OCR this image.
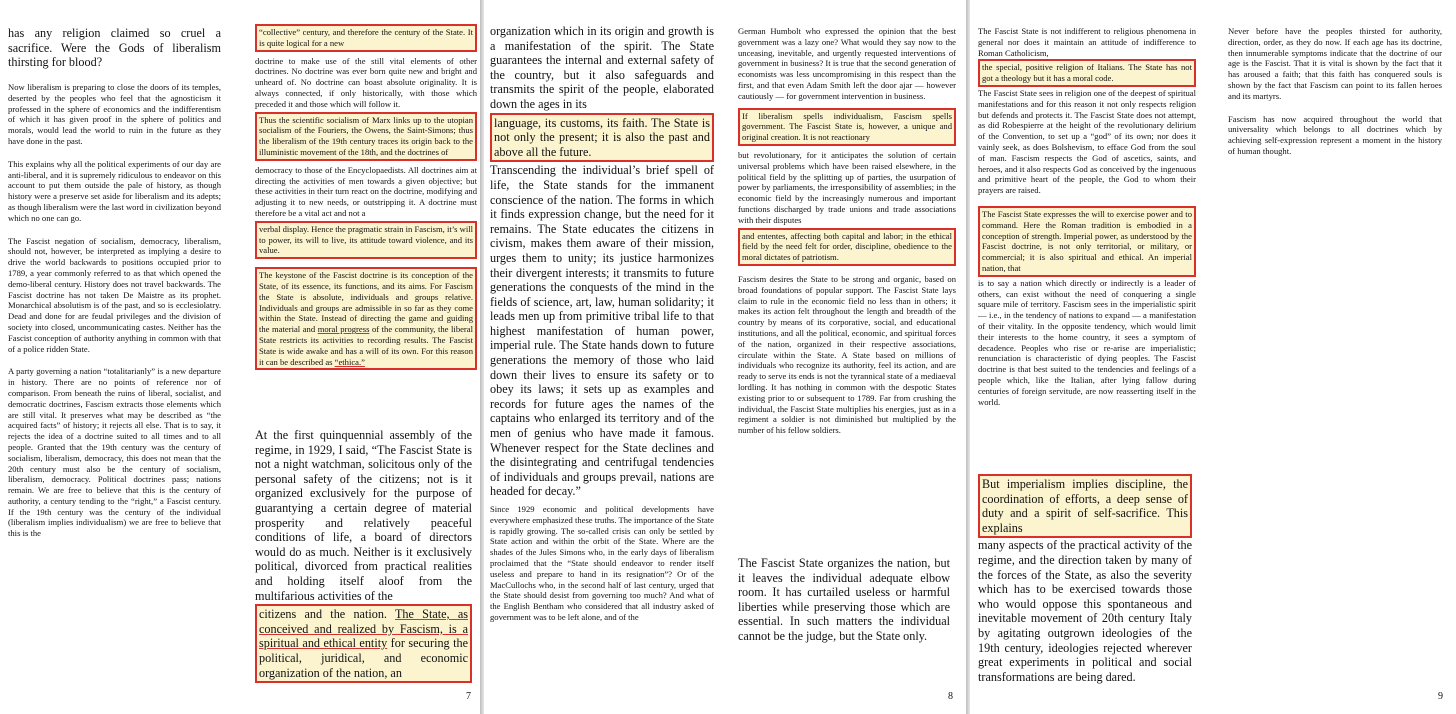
has any religion claimed so cruel a sacrifice. Were the Gods of liberalism thirsting for blood?

Now liberalism is preparing to close the doors of its temples, deserted by the peoples who feel that the agnosticism it professed in the sphere of economics and the indifferentism of which it has given proof in the sphere of politics and morals, would lead the world to ruin in the future as they have done in the past.

This explains why all the political experiments of our day are anti-liberal, and it is supremely ridiculous to endeavor on this account to put them outside the pale of history, as though history were a preserve set aside for liberalism and its adepts; as though liberalism were the last word in civilization beyond which no one can go.

The Fascist negation of socialism, democracy, liberalism, should not, however, be interpreted as implying a desire to drive the world backwards to positions occupied prior to 1789, a year commonly referred to as that which opened the demo-liberal century. History does not travel backwards. The Fascist doctrine has not taken De Maistre as its prophet. Monarchical absolutism is of the past, and so is ecclesiolatry. Dead and done for are feudal privileges and the division of society into closed, uncommunicating castes. Neither has the Fascist conception of authority anything in common with that of a police ridden State.

A party governing a nation “totalitarianly” is a new departure in history. There are no points of reference nor of comparison. From beneath the ruins of liberal, socialist, and democratic doctrines, Fascism extracts those elements which are still vital. It preserves what may be described as “the acquired facts” of history; it rejects all else. That is to say, it rejects the idea of a doctrine suited to all times and to all people. Granted that the 19th century was the century of socialism, liberalism, democracy, this does not mean that the 20th century must also be the century of socialism, liberalism, democracy. Political doctrines pass; nations remain. We are free to believe that this is the century of authority, a century tending to the “right,” a Fascist century. If the 19th century was the century of the individual (liberalism implies individualism) we are free to believe that this is the

“collective” century, and therefore the century of the State. It is quite logical for a new

doctrine to make use of the still vital elements of other doctrines. No doctrine was ever born quite new and bright and unheard of. No doctrine can boast absolute originality. It is always connected, if only historically, with those which preceded it and those which will follow it.

Thus the scientific socialism of Marx links up to the utopian socialism of the Fouriers, the Owens, the Saint-Simons; thus the liberalism of the 19th century traces its origin back to the illuministic movement of the 18th, and the doctrines of

democracy to those of the Encyclopaedists. All doctrines aim at directing the activities of men towards a given objective; but these activities in their turn react on the doctrine, modifying and adjusting it to new needs, or outstripping it. A doctrine must therefore be a vital act and not a

verbal display. Hence the pragmatic strain in Fascism, it’s will to power, its will to live, its attitude toward violence, and its value.
The keystone of the Fascist doctrine is its conception of the State, of its essence, its functions, and its aims. For Fascism the State is absolute, individuals and groups relative. Individuals and groups are admissible in so far as they come within the State. Instead of directing the game and guiding the material and moral progress of the community, the liberal State restricts its activities to recording results. The Fascist State is wide awake and has a will of its own. For this reason it can be described as “ethica.”

At the first quinquennial assembly of the regime, in 1929, I said, “The Fascist State is not a night watchman, solicitous only of the personal safety of the citizens; not is it organized exclusively for the purpose of guarantying a certain degree of material prosperity and relatively peaceful conditions of life, a board of directors would do as much. Neither is it exclusively political, divorced from practical realities and holding itself aloof from the multifarious activities of the

citizens and the nation. The State, as conceived and realized by Fascism, is a spiritual and ethical entity for securing the political, juridical, and economic organization of the nation, an
7

organization which in its origin and growth is a manifestation of the spirit. The State guarantees the internal and external safety of the country, but it also safeguards and transmits the spirit of the people, elaborated down the ages in its

language, its customs, its faith. The State is not only the present; it is also the past and above all the future.

Transcending the individual’s brief spell of life, the State stands for the immanent conscience of the nation. The forms in which it finds expression change, but the need for it remains. The State educates the citizens in civism, makes them aware of their mission, urges them to unity; its justice harmonizes their divergent interests; it transmits to future generations the conquests of the mind in the fields of science, art, law, human solidarity; it leads men up from primitive tribal life to that highest manifestation of human power, imperial rule. The State hands down to future generations the memory of those who laid down their lives to ensure its safety or to obey its laws; it sets up as examples and records for future ages the names of the captains who enlarged its territory and of the men of genius who have made it famous. Whenever respect for the State declines and the disintegrating and centrifugal tendencies of individuals and groups prevail, nations are headed for decay.”

Since 1929 economic and political developments have everywhere emphasized these truths. The importance of the State is rapidly growing. The so-called crisis can only be settled by State action and within the orbit of the State. Where are the shades of the Jules Simons who, in the early days of liberalism proclaimed that the “State should endeavor to render itself useless and prepare to hand in its resignation”? Or of the MacCullochs who, in the second half of last century, urged that the State should desist from governing too much? And what of the English Bentham who considered that all industry asked of government was to be left alone, and of the

German Humbolt who expressed the opinion that the best government was a lazy one? What would they say now to the unceasing, inevitable, and urgently requested interventions of government in business? It is true that the second generation of economists was less uncompromising in this respect than the first, and that even Adam Smith left the door ajar — however cautiously — for government intervention in business.

If liberalism spells individualism, Fascism spells government. The Fascist State is, however, a unique and original creation. It is not reactionary

but revolutionary, for it anticipates the solution of certain universal problems which have been raised elsewhere, in the political field by the splitting up of parties, the usurpation of power by parliaments, the irresponsibility of assemblies; in the economic field by the increasingly numerous and important functions discharged by trade unions and trade associations with their disputes

and ententes, affecting both capital and labor; in the ethical field by the need felt for order, discipline, obedience to the moral dictates of patriotism.

Fascism desires the State to be strong and organic, based on broad foundations of popular support. The Fascist State lays claim to rule in the economic field no less than in others; it makes its action felt throughout the length and breadth of the country by means of its corporative, social, and educational institutions, and all the political, economic, and spiritual forces of the nation, organized in their respective associations, circulate within the State. A State based on millions of individuals who recognize its authority, feel its action, and are ready to serve its ends is not the tyrannical state of a mediaeval lordling. It has nothing in common with the despotic States existing prior to or subsequent to 1789. Far from crushing the individual, the Fascist State multiplies his energies, just as in a regiment a soldier is not diminished but multiplied by the number of his fellow soldiers.

The Fascist State organizes the nation, but it leaves the individual adequate elbow room. It has curtailed useless or harmful liberties while preserving those which are essential. In such matters the individual cannot be the judge, but the State only.

8

The Fascist State is not indifferent to religious phenomena in general nor does it maintain an attitude of indifference to Roman Catholicism,

the special, positive religion of Italians. The State has not got a theology but it has a moral code.

The Fascist State sees in religion one of the deepest of spiritual manifestations and for this reason it not only respects religion but defends and protects it. The Fascist State does not attempt, as did Robespierre at the height of the revolutionary delirium of the Convention, to set up a “god” of its own; nor does it vainly seek, as does Bolshevism, to efface God from the soul of man. Fascism respects the God of ascetics, saints, and heroes, and it also respects God as conceived by the ingenuous and primitive heart of the people, the God to whom their prayers are raised.

The Fascist State expresses the will to exercise power and to command. Here the Roman tradition is embodied in a conception of strength. Imperial power, as understood by the Fascist doctrine, is not only territorial, or military, or commercial; it is also spiritual and ethical. An imperial nation, that

is to say a nation which directly or indirectly is a leader of others, can exist without the need of conquering a single square mile of territory. Fascism sees in the imperialistic spirit — i.e., in the tendency of nations to expand — a manifestation of their vitality. In the opposite tendency, which would limit their interests to the home country, it sees a symptom of decadence. Peoples who rise or re-arise are imperialistic; renunciation is characteristic of dying peoples. The Fascist doctrine is that best suited to the tendencies and feelings of a people which, like the Italian, after lying fallow during centuries of foreign servitude, are now reasserting itself in the world.

But imperialism implies discipline, the coordination of efforts, a deep sense of duty and a spirit of self-sacrifice. This explains

many aspects of the practical activity of the regime, and the direction taken by many of the forces of the State, as also the severity which has to be exercised towards those who would oppose this spontaneous and inevitable movement of 20th century Italy by agitating outgrown ideologies of the 19th century, ideologies rejected wherever great experiments in political and social transformations are being dared.

Never before have the peoples thirsted for authority, direction, order, as they do now. If each age has its doctrine, then innumerable symptoms indicate that the doctrine of our age is the Fascist. That it is vital is shown by the fact that it has aroused a faith; that this faith has conquered souls is shown by the fact that Fascism can point to its fallen heroes and its martyrs.

Fascism has now acquired throughout the world that universality which belongs to all doctrines which by achieving self-expression represent a moment in the history of human thought.

9
